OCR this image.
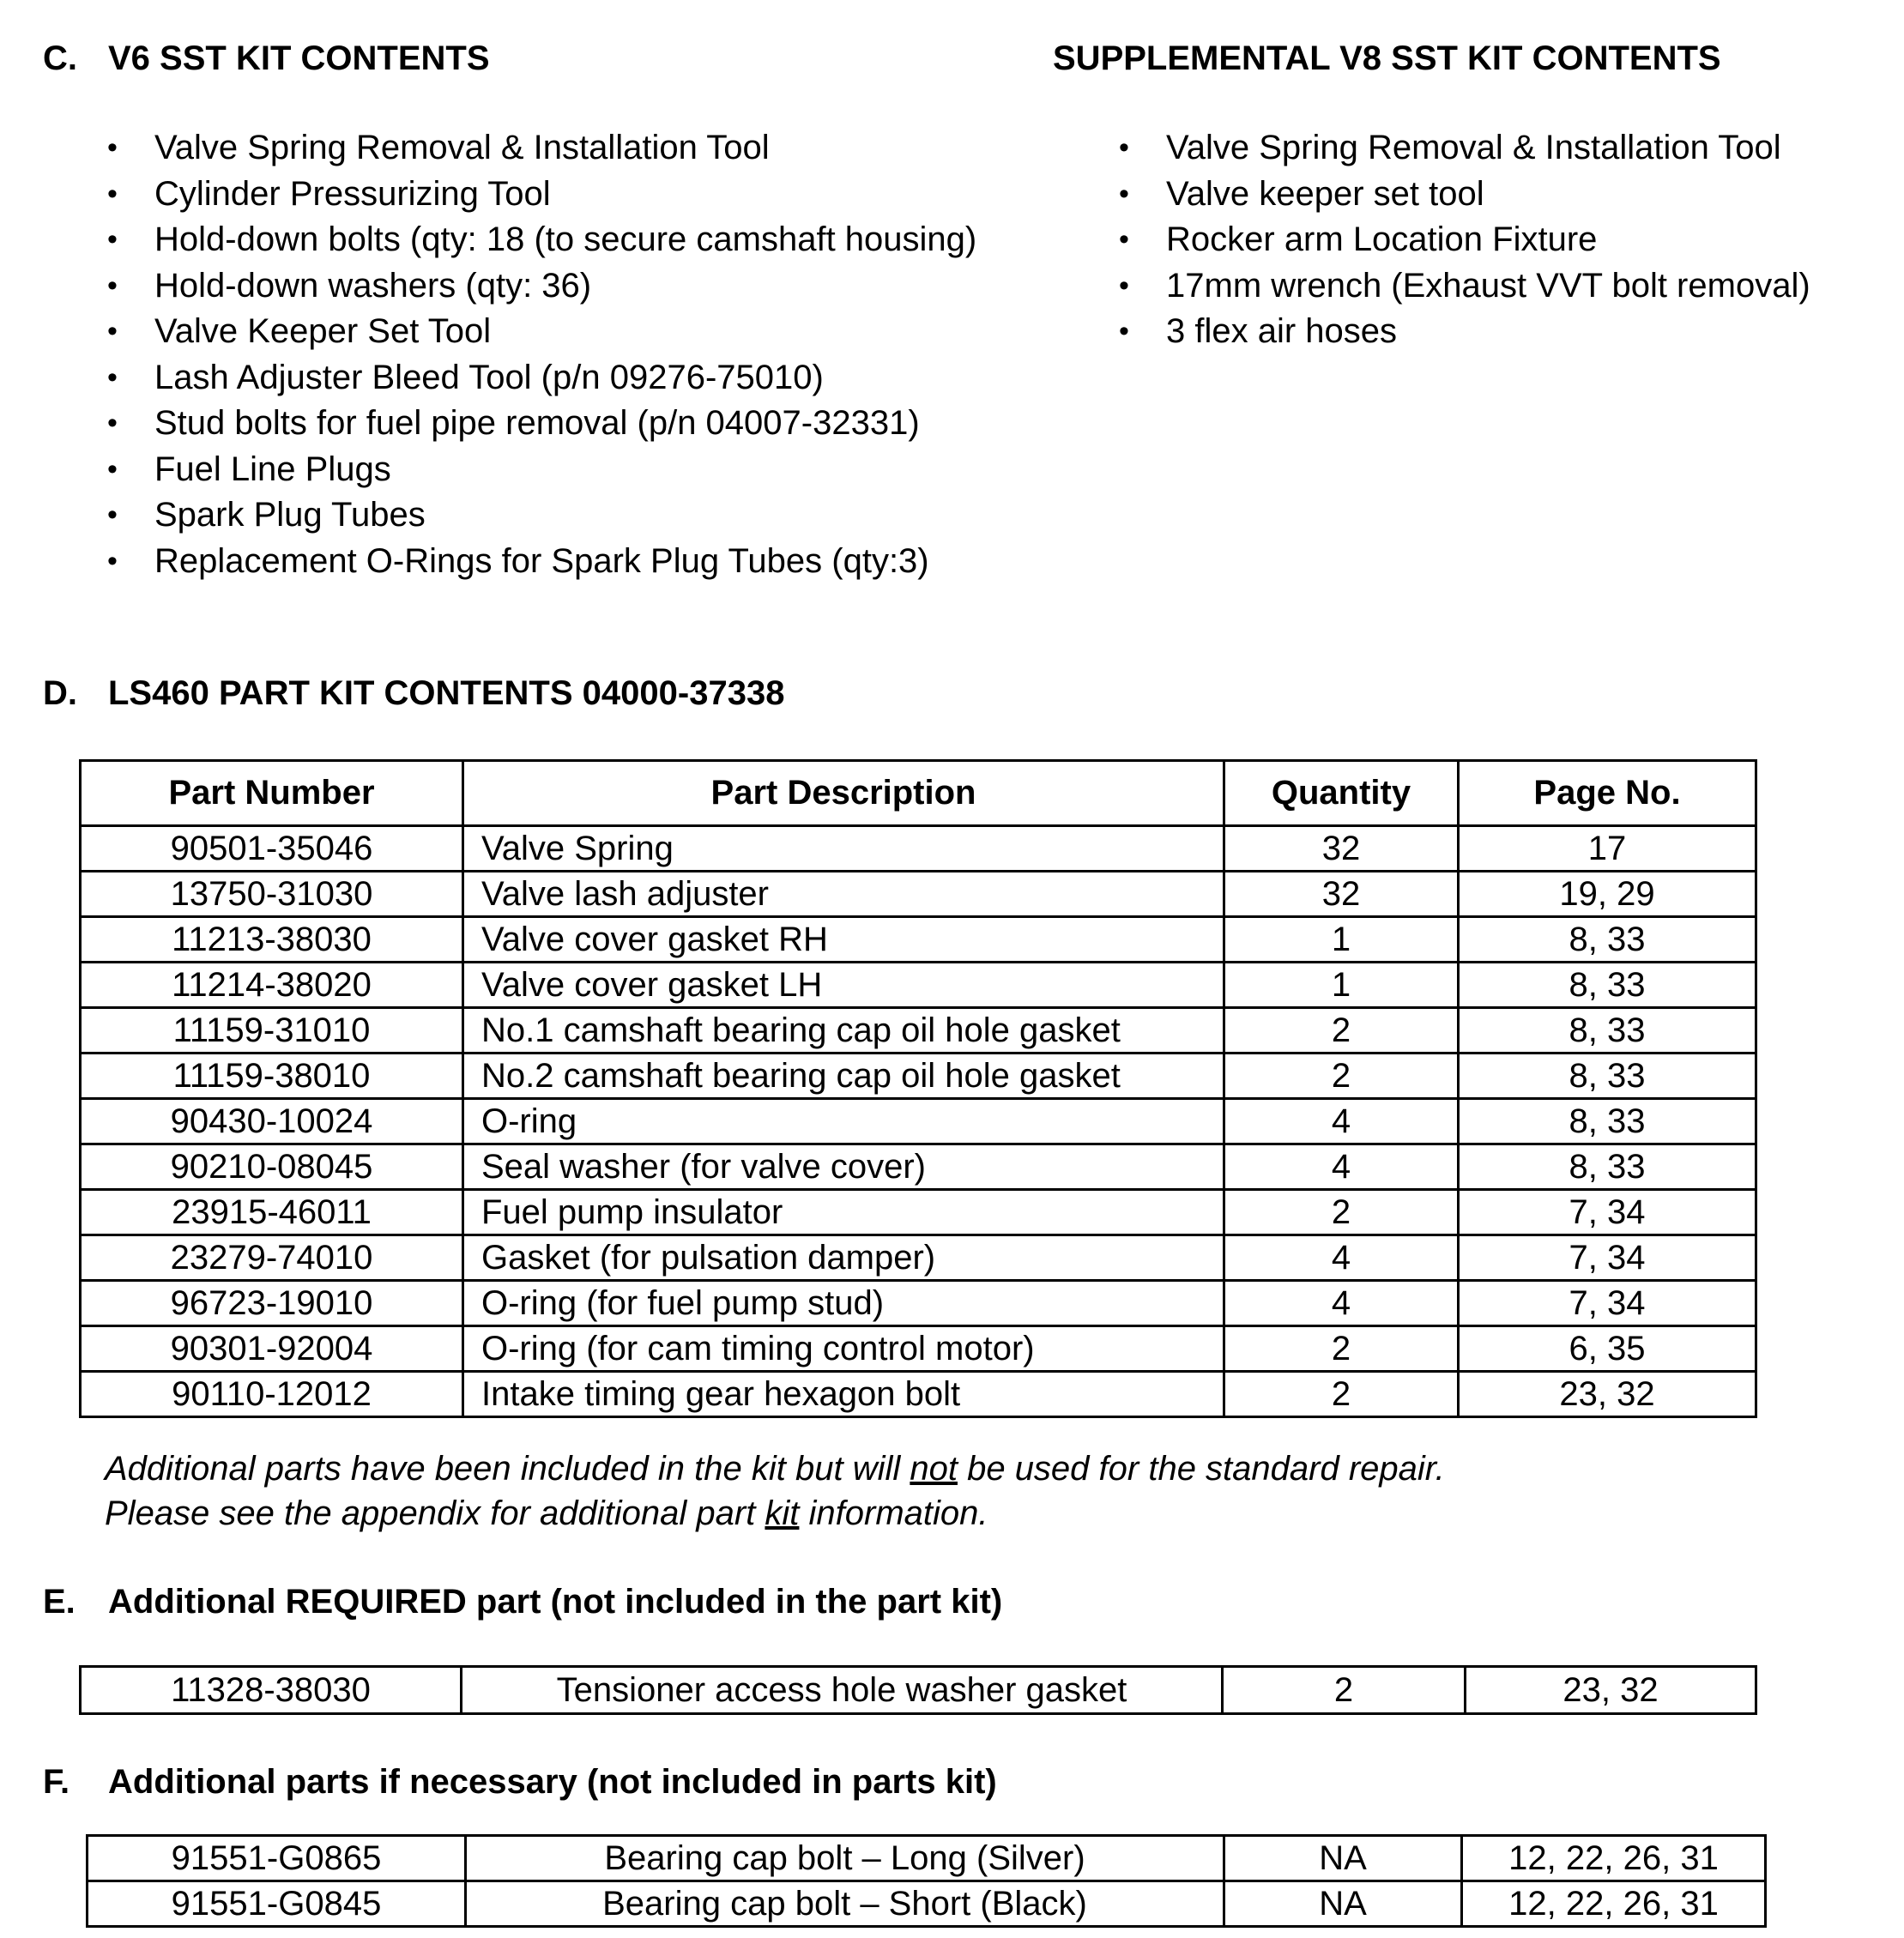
C. V6 SST KIT CONTENTS
• Valve Spring Removal & Installation Tool
• Cylinder Pressurizing Tool
• Hold-down bolts (qty: 18 (to secure camshaft housing)
• Hold-down washers (qty: 36)
• Valve Keeper Set Tool
• Lash Adjuster Bleed Tool (p/n 09276-75010)
• Stud bolts for fuel pipe removal (p/n 04007-32331)
• Fuel Line Plugs
• Spark Plug Tubes
• Replacement O-Rings for Spark Plug Tubes (qty:3)
SUPPLEMENTAL V8 SST KIT CONTENTS
• Valve Spring Removal & Installation Tool
• Valve keeper set tool
• Rocker arm Location Fixture
• 17mm wrench (Exhaust VVT bolt removal)
• 3 flex air hoses
D. LS460 PART KIT CONTENTS 04000-37338
Part Number	Part Description	Quantity	Page No.
90501-35046	Valve Spring	32	17
13750-31030	Valve lash adjuster	32	19, 29
11213-38030	Valve cover gasket RH	1	8, 33
11214-38020	Valve cover gasket LH	1	8, 33
11159-31010	No.1 camshaft bearing cap oil hole gasket	2	8, 33
11159-38010	No.2 camshaft bearing cap oil hole gasket	2	8, 33
90430-10024	O-ring	4	8, 33
90210-08045	Seal washer (for valve cover)	4	8, 33
23915-46011	Fuel pump insulator	2	7, 34
23279-74010	Gasket (for pulsation damper)	4	7, 34
96723-19010	O-ring (for fuel pump stud)	4	7, 34
90301-92004	O-ring (for cam timing control motor)	2	6, 35
90110-12012	Intake timing gear hexagon bolt	2	23, 32
Additional parts have been included in the kit but will not be used for the standard repair.
Please see the appendix for additional part kit information.
E. Additional REQUIRED part (not included in the part kit)
11328-38030	Tensioner access hole washer gasket	2	23, 32
F. Additional parts if necessary (not included in parts kit)
91551-G0865	Bearing cap bolt – Long (Silver)	NA	12, 22, 26, 31
91551-G0845	Bearing cap bolt – Short (Black)	NA	12, 22, 26, 31
